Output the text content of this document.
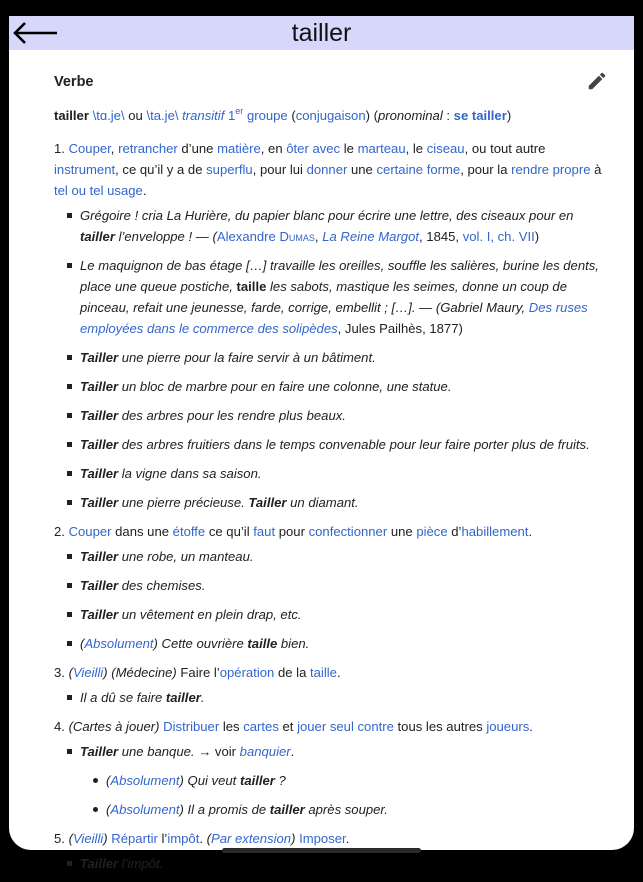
tailler
Verbe
tailler \tɑ.je\ ou \ta.je\ transitif 1er groupe (conjugaison) (pronominal : se tailler)
1. Couper, retrancher d’une matière, en ôter avec le marteau, le ciseau, ou tout autre instrument, ce qu’il y a de superflu, pour lui donner une certaine forme, pour la rendre propre à tel ou tel usage.
Grégoire ! cria La Hurière, du papier blanc pour écrire une lettre, des ciseaux pour en tailler l’enveloppe ! — (Alexandre Dumas, La Reine Margot, 1845, vol. I, ch. VII)
Le maquignon de bas étage […] travaille les oreilles, souffle les salières, burine les dents, place une queue postiche, taille les sabots, mastique les seimes, donne un coup de pinceau, refait une jeunesse, farde, corrige, embellit ; […]. — (Gabriel Maury, Des ruses employées dans le commerce des solipèdes, Jules Pailhès, 1877)
Tailler une pierre pour la faire servir à un bâtiment.
Tailler un bloc de marbre pour en faire une colonne, une statue.
Tailler des arbres pour les rendre plus beaux.
Tailler des arbres fruitiers dans le temps convenable pour leur faire porter plus de fruits.
Tailler la vigne dans sa saison.
Tailler une pierre précieuse. Tailler un diamant.
2. Couper dans une étoffe ce qu’il faut pour confectionner une pièce d’habillement.
Tailler une robe, un manteau.
Tailler des chemises.
Tailler un vêtement en plein drap, etc.
(Absolument) Cette ouvrière taille bien.
3. (Vieilli) (Médecine) Faire l’opération de la taille.
Il a dû se faire tailler.
4. (Cartes à jouer) Distribuer les cartes et jouer seul contre tous les autres joueurs.
Tailler une banque. → voir banquier.
(Absolument) Qui veut tailler ?
(Absolument) Il a promis de tailler après souper.
5. (Vieilli) Répartir l’impôt. (Par extension) Imposer.
Tailler l’impôt.
